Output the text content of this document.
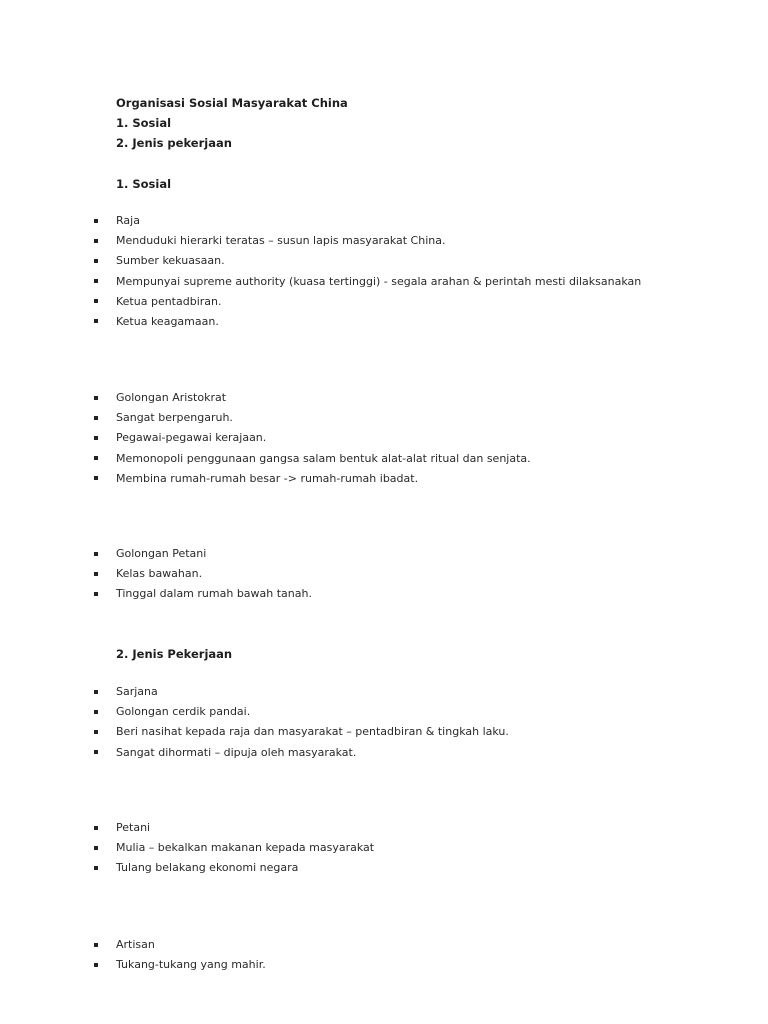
Organisasi Sosial Masyarakat China
1. Sosial
2. Jenis pekerjaan
1. Sosial
Raja
Menduduki hierarki teratas – susun lapis masyarakat China.
Sumber kekuasaan.
Mempunyai supreme authority (kuasa tertinggi) - segala arahan & perintah mesti dilaksanakan
Ketua pentadbiran.
Ketua keagamaan.
Golongan Aristokrat
Sangat berpengaruh.
Pegawai-pegawai kerajaan.
Memonopoli penggunaan gangsa salam bentuk alat-alat ritual dan senjata.
Membina rumah-rumah besar -> rumah-rumah ibadat.
Golongan Petani
Kelas bawahan.
Tinggal dalam rumah bawah tanah.
2. Jenis Pekerjaan
Sarjana
Golongan cerdik pandai.
Beri nasihat kepada raja dan masyarakat – pentadbiran & tingkah laku.
Sangat dihormati – dipuja oleh masyarakat.
Petani
Mulia – bekalkan makanan kepada masyarakat
Tulang belakang ekonomi negara
Artisan
Tukang-tukang yang mahir.
